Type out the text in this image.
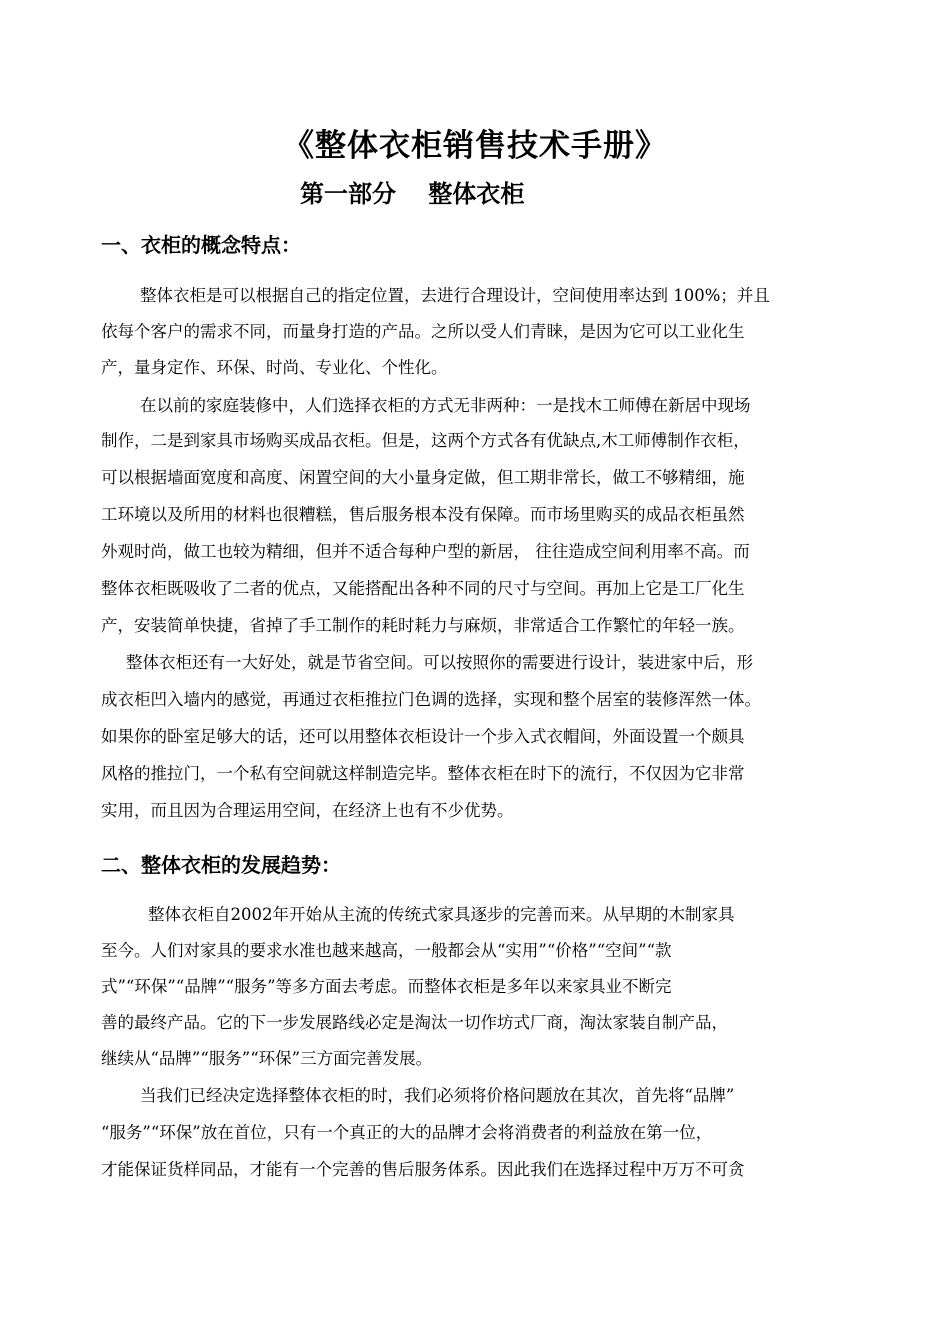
《整体衣柜销售技术手册》
第一部分　 整体衣柜
一、衣柜的概念特点：

整体衣柜是可以根据自己的指定位置，去进行合理设计，空间使用率达到 100%；并且

依每个客户的需求不同，而量身打造的产品。之所以受人们青睐，是因为它可以工业化生

产，量身定作、环保、时尚、专业化、个性化。

在以前的家庭装修中，人们选择衣柜的方式无非两种：一是找木工师傅在新居中现场

制作，二是到家具市场购买成品衣柜。但是，这两个方式各有优缺点,木工师傅制作衣柜，

可以根据墙面宽度和高度、闲置空间的大小量身定做，但工期非常长，做工不够精细，施

工环境以及所用的材料也很糟糕，售后服务根本没有保障。而市场里购买的成品衣柜虽然

外观时尚，做工也较为精细，但并不适合每种户型的新居， 往往造成空间利用率不高。而

整体衣柜既吸收了二者的优点，又能搭配出各种不同的尺寸与空间。再加上它是工厂化生

产，安装简单快捷，省掉了手工制作的耗时耗力与麻烦，非常适合工作繁忙的年轻一族。

整体衣柜还有一大好处，就是节省空间。可以按照你的需要进行设计，装进家中后，形

成衣柜凹入墙内的感觉，再通过衣柜推拉门色调的选择，实现和整个居室的装修浑然一体。

如果你的卧室足够大的话，还可以用整体衣柜设计一个步入式衣帽间，外面设置一个颇具

风格的推拉门，一个私有空间就这样制造完毕。整体衣柜在时下的流行，不仅因为它非常

实用，而且因为合理运用空间，在经济上也有不少优势。

二、整体衣柜的发展趋势：

整体衣柜自2002年开始从主流的传统式家具逐步的完善而来。从早期的木制家具

至今。人们对家具的要求水准也越来越高，一般都会从“实用”“价格”“空间”“款

式”“环保”“品牌”“服务”等多方面去考虑。而整体衣柜是多年以来家具业不断完

善的最终产品。它的下一步发展路线必定是淘汰一切作坊式厂商，淘汰家装自制产品，

继续从“品牌”“服务”“环保”三方面完善发展。

当我们已经决定选择整体衣柜的时，我们必须将价格问题放在其次，首先将“品牌”

“服务”“环保”放在首位，只有一个真正的大的品牌才会将消费者的利益放在第一位，

才能保证货样同品，才能有一个完善的售后服务体系。因此我们在选择过程中万万不可贪
